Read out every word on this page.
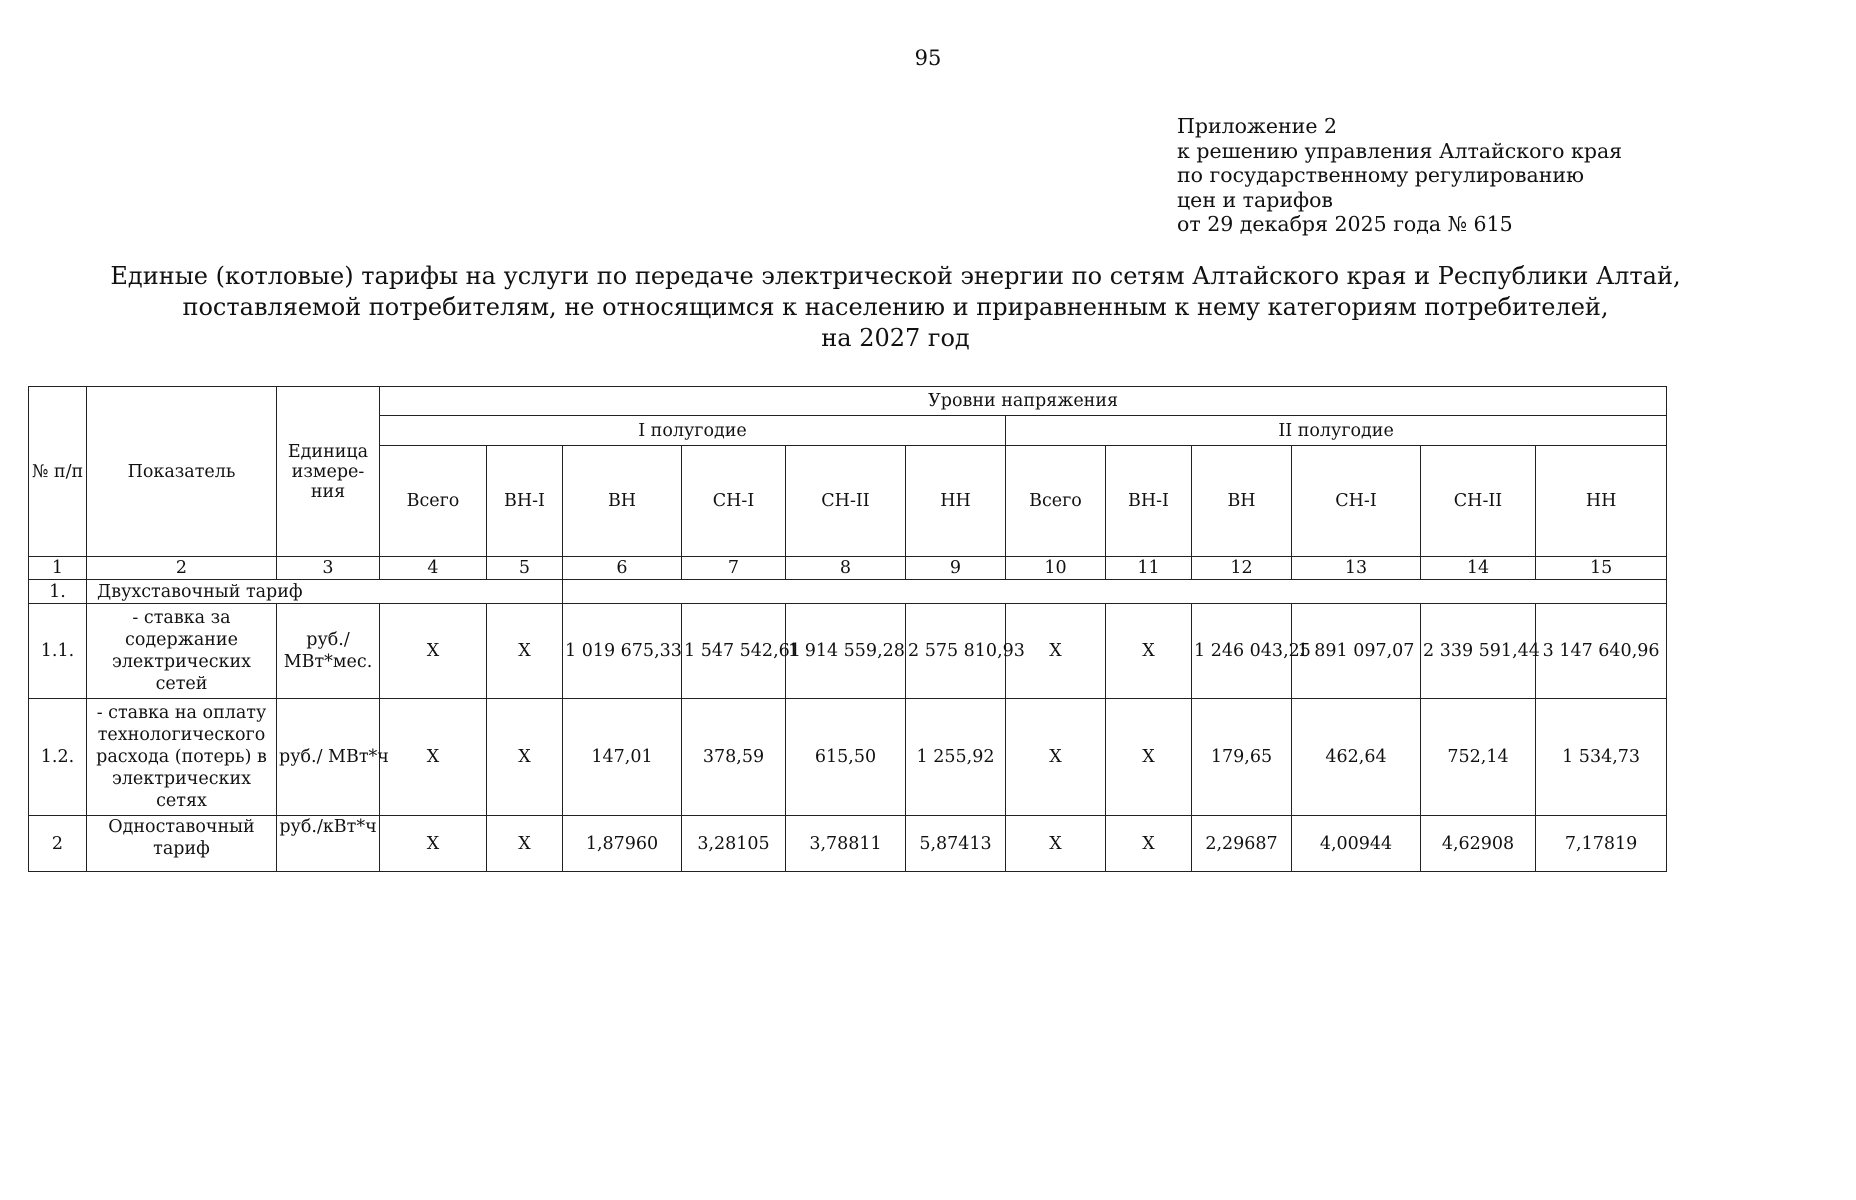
95
Приложение 2
к решению управления Алтайского края
по государственному регулированию
цен и тарифов
от 29 декабря 2025 года № 615
Единые (котловые) тарифы на услуги по передаче электрической энергии по сетям Алтайского края и Республики Алтай,
поставляемой потребителям, не относящимся к населению и приравненным к нему категориям потребителей,
на 2027 год
№ п/п	Показатель	Единица измере-ния	Уровни напряжения											
			I полугодие						II полугодие					
			Всего	ВН-I	ВН	СН-I	СН-II	НН	Всего	ВН-I	ВН	СН-I	СН-II	НН
1	2	3	4	5	6	7	8	9	10	11	12	13	14	15
1.	Двухставочный тариф													
1.1.	- ставка за содержание электрических сетей	руб./ МВт*мес.	Х	Х	1 019 675,33	1 547 542,61	1 914 559,28	2 575 810,93	Х	Х	1 246 043,25	1 891 097,07	2 339 591,44	3 147 640,96
1.2.	- ставка на оплату технологического расхода (потерь) в электрических сетях	руб./ МВт*ч	Х	Х	147,01	378,59	615,50	1 255,92	Х	Х	179,65	462,64	752,14	1 534,73
2	Одноставочный тариф	руб./кВт*ч	Х	Х	1,87960	3,28105	3,78811	5,87413	Х	Х	2,29687	4,00944	4,62908	7,17819
